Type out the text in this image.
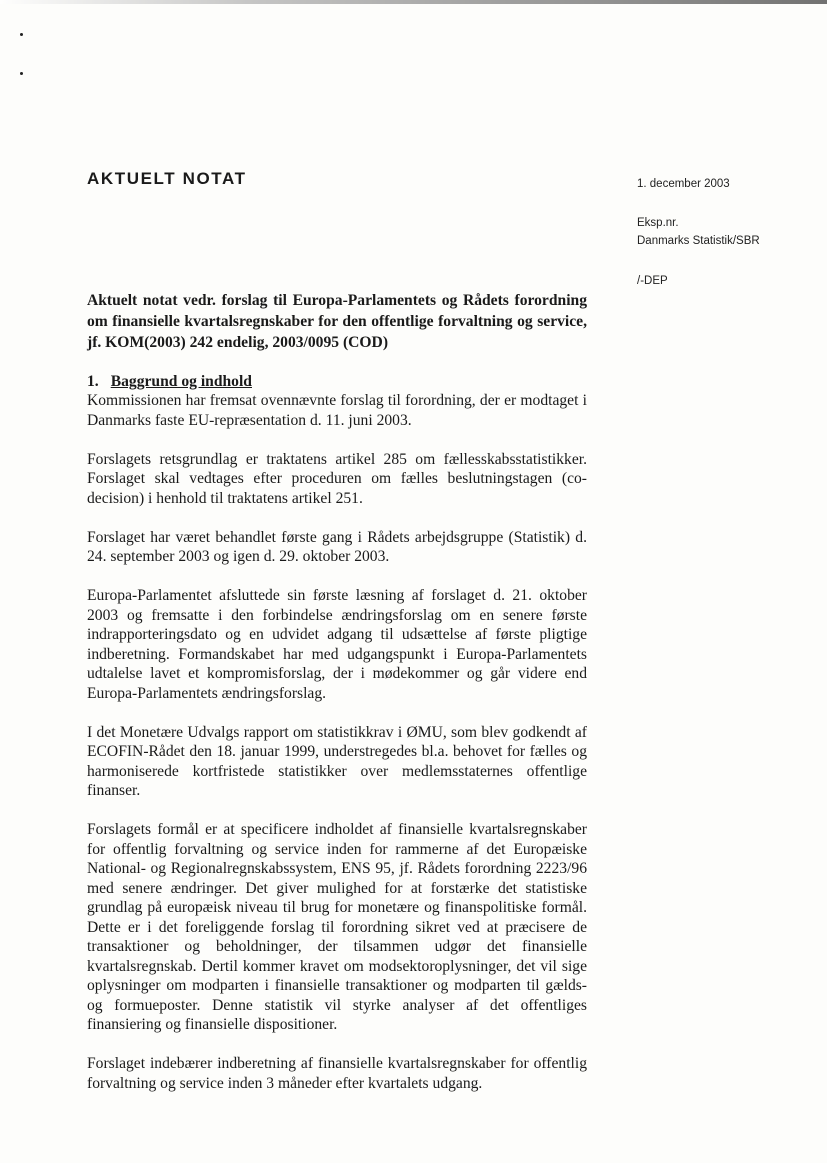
AKTUELT NOTAT	1. december 2003
Eksp.nr.
Danmarks Statistik/SBR
/-DEP

Aktuelt notat vedr. forslag til Europa-Parlamentets og Rådets forordning om finansielle kvartalsregnskaber for den offentlige forvaltning og service, jf. KOM(2003) 242 endelig, 2003/0095 (COD)

1. Baggrund og indhold

Kommissionen har fremsat ovennævnte forslag til forordning, der er modtaget i Danmarks faste EU-repræsentation d. 11. juni 2003.

Forslagets retsgrundlag er traktatens artikel 285 om fællesskabsstatistikker. Forslaget skal vedtages efter proceduren om fælles beslutningstagen (co-decision) i henhold til traktatens artikel 251.

Forslaget har været behandlet første gang i Rådets arbejdsgruppe (Statistik) d. 24. september 2003 og igen d. 29. oktober 2003.

Europa-Parlamentet afsluttede sin første læsning af forslaget d. 21. oktober 2003 og fremsatte i den forbindelse ændringsforslag om en senere første indrapporteringsdato og en udvidet adgang til udsættelse af første pligtige indberetning. Formandskabet har med udgangspunkt i Europa-Parlamentets udtalelse lavet et kompromisforslag, der i mødekommer og går videre end Europa-Parlamentets ændringsforslag.

I det Monetære Udvalgs rapport om statistikkrav i ØMU, som blev godkendt af ECOFIN-Rådet den 18. januar 1999, understregedes bl.a. behovet for fælles og harmoniserede kortfristede statistikker over medlemsstaternes offentlige finanser.

Forslagets formål er at specificere indholdet af finansielle kvartalsregnskaber for offentlig forvaltning og service inden for rammerne af det Europæiske National- og Regionalregnskabssystem, ENS 95, jf. Rådets forordning 2223/96 med senere ændringer. Det giver mulighed for at forstærke det statistiske grundlag på europæisk niveau til brug for monetære og finanspolitiske formål. Dette er i det foreliggende forslag til forordning sikret ved at præcisere de transaktioner og beholdninger, der tilsammen udgør det finansielle kvartalsregnskab. Dertil kommer kravet om modsektoroplysninger, det vil sige oplysninger om modparten i finansielle transaktioner og modparten til gælds- og formueposter. Denne statistik vil styrke analyser af det offentliges finansiering og finansielle dispositioner.

Forslaget indebærer indberetning af finansielle kvartalsregnskaber for offentlig forvaltning og service inden 3 måneder efter kvartalets udgang.
